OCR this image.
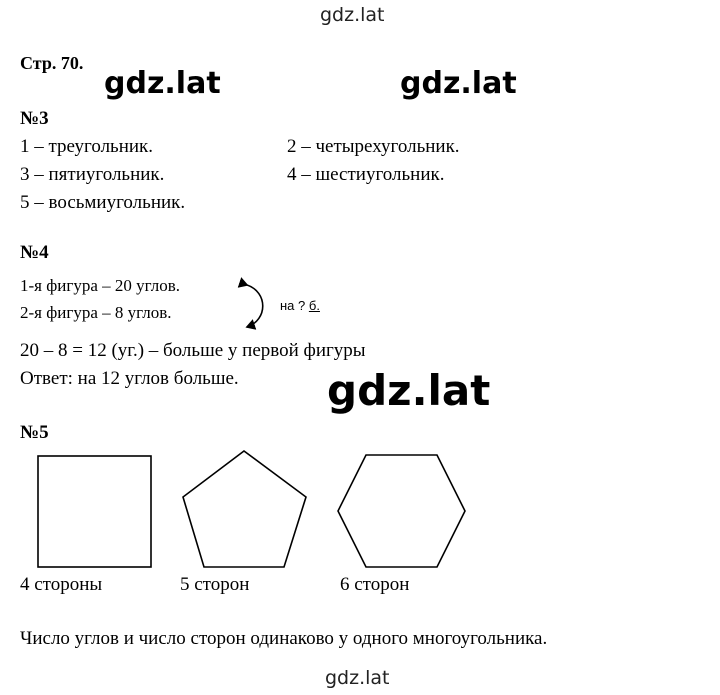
gdz.lat
gdz.lat	gdz.lat
gdz.lat
gdz.lat
Стр. 70.
№3
1 – треугольник.	2 – четырехугольник.
3 – пятиугольник.	4 – шестиугольник.
5 – восьмиугольник.
№4
1-я фигура – 20 углов.
2-я фигура – 8 углов.	на ? б.
20 – 8 = 12 (уг.) – больше у первой фигуры
Ответ: на 12 углов больше.
№5
4 стороны	5 сторон	6 сторон
Число углов и число сторон одинаково у одного многоугольника.
